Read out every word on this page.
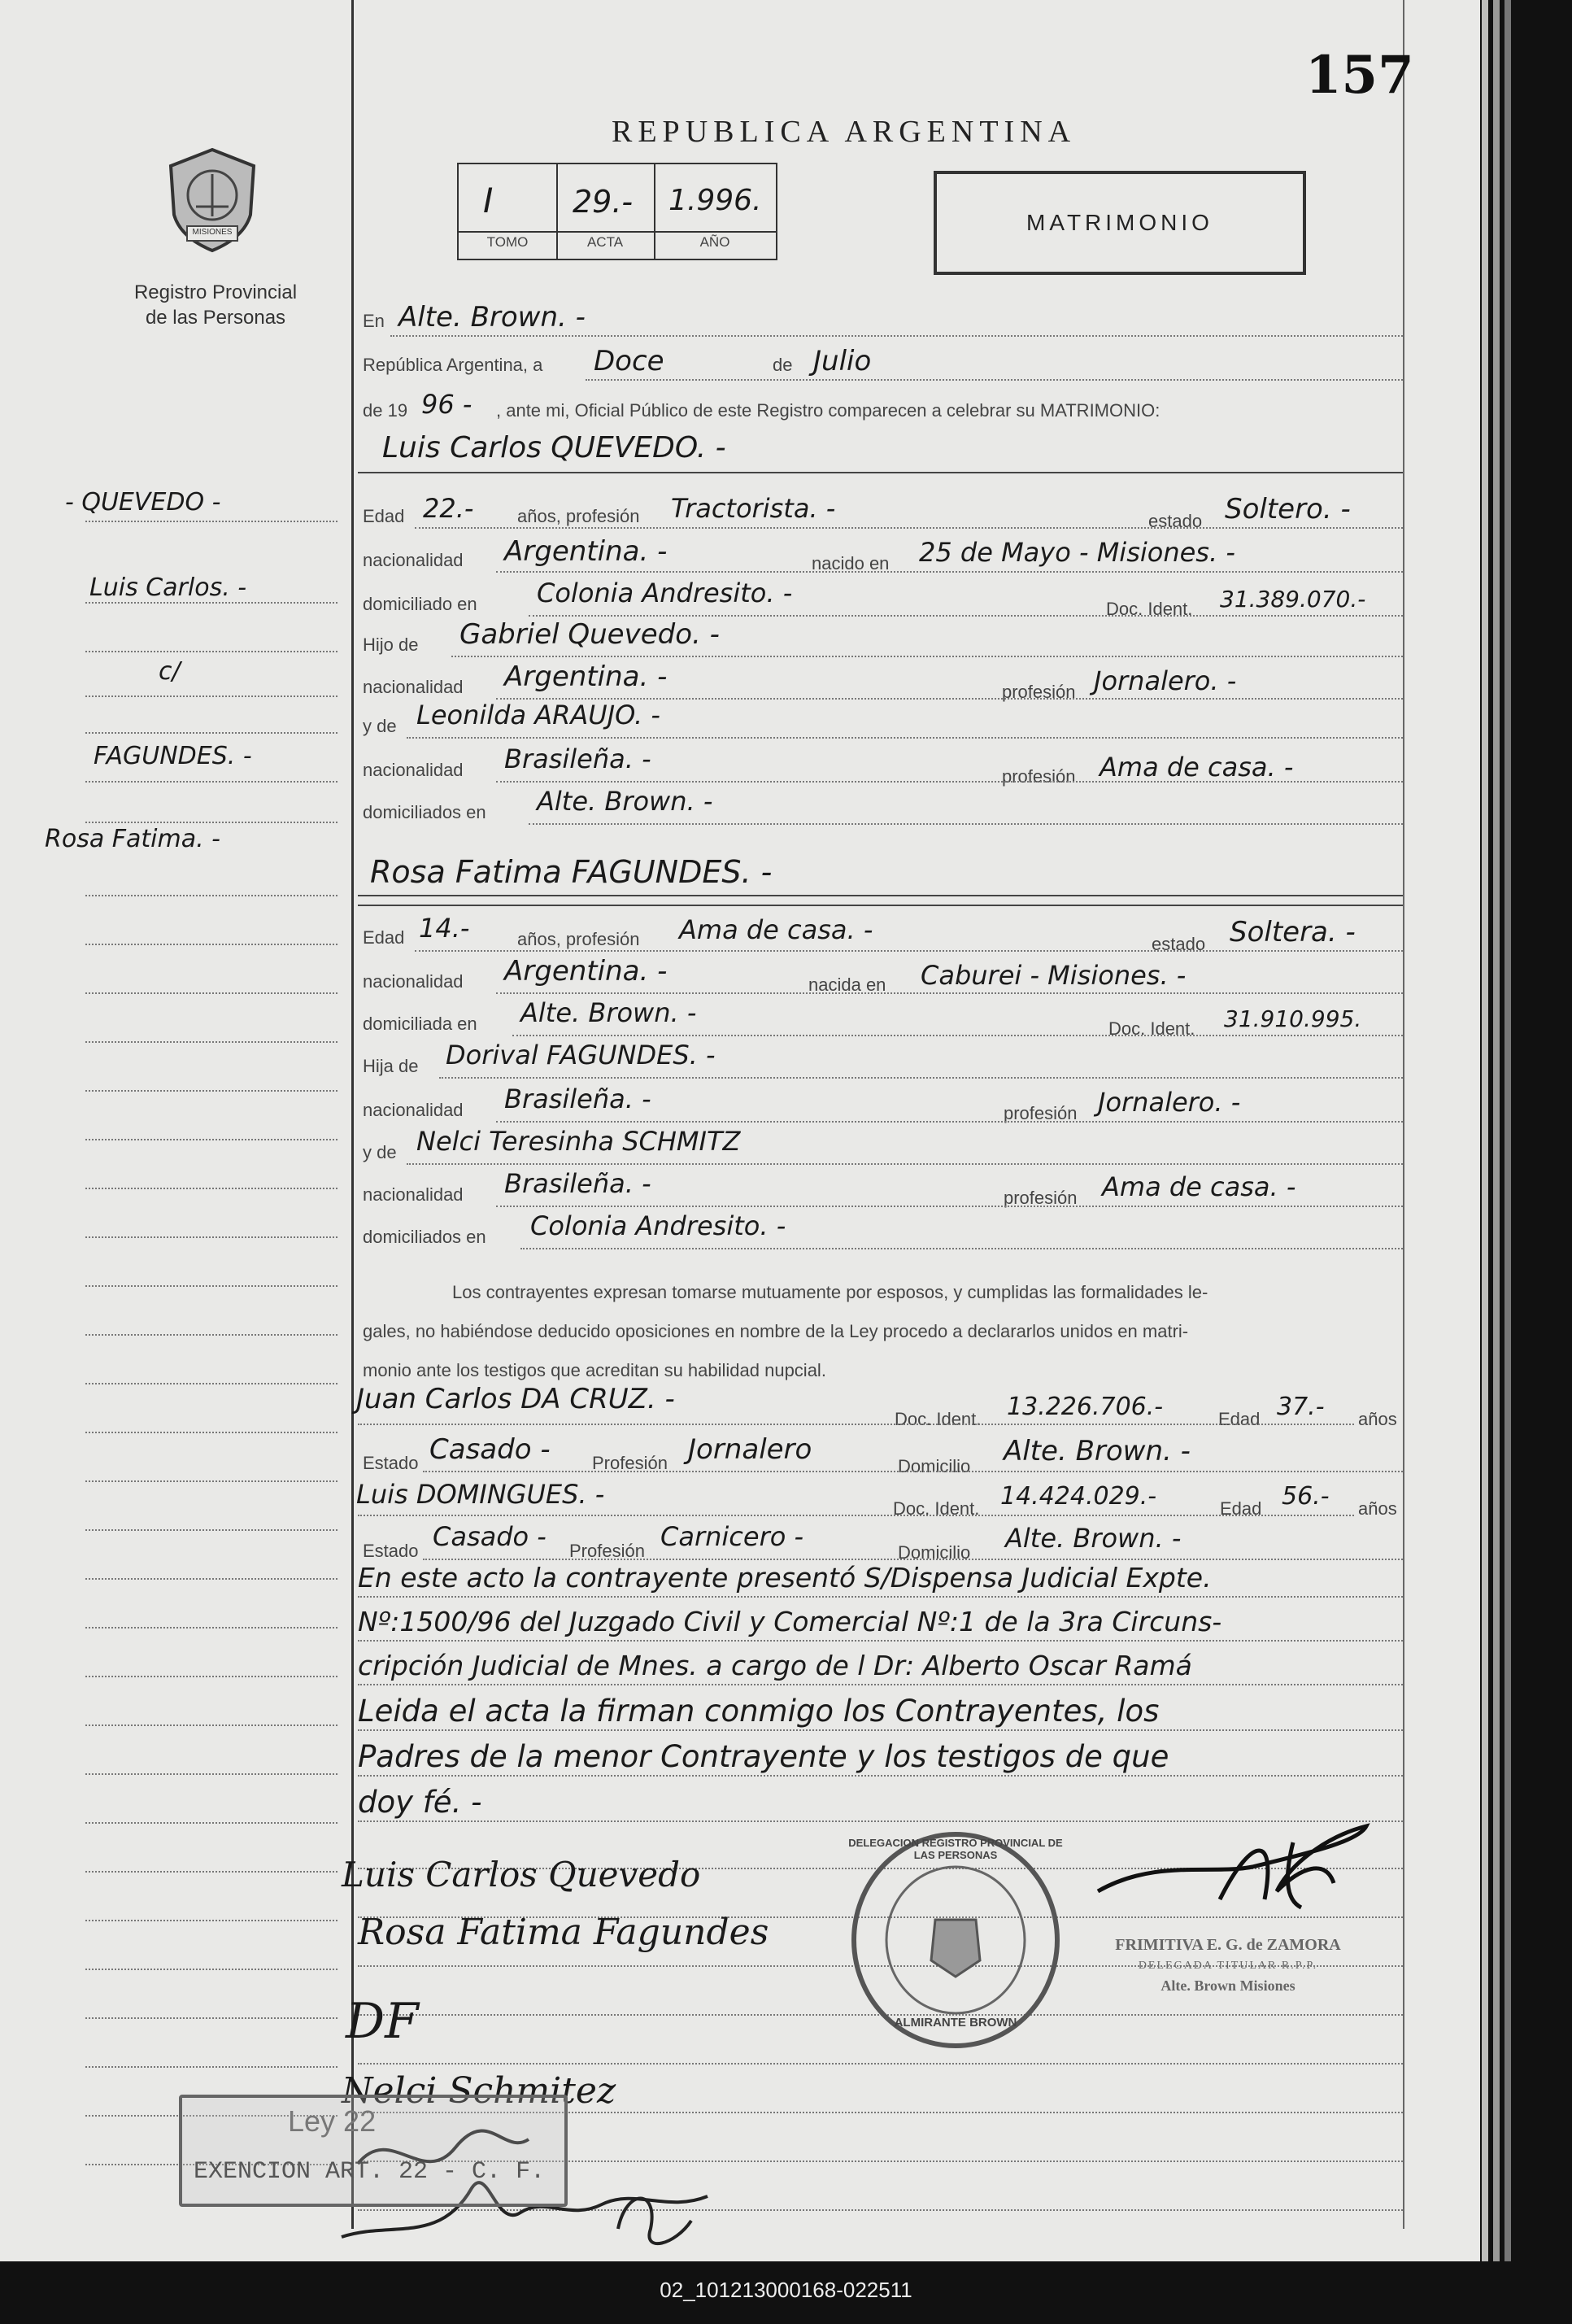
157
REPUBLICA ARGENTINA
MISIONES
Registro Provincial
de las Personas
I	29.- 1.996.
TOMO	ACTA	AÑO
MATRIMONIO
- QUEVEDO -
Luis Carlos. -
c/
FAGUNDES. -
Rosa Fatima. -
En Alte. Brown. -
República Argentina, a Doce	de Julio
de 19 96 - , ante mi, Oficial Público de este Registro comparecen a celebrar su MATRIMONIO:
Luis Carlos QUEVEDO. -
Edad 22.- años, profesión Tractorista. -	estado Soltero. -
nacionalidad Argentina. -	nacido en 25 de Mayo - Misiones. -
domiciliado en Colonia Andresito. -
Doc. Ident. 31.389.070.-
Hijo de Gabriel Quevedo. -
nacionalidad Argentina. -	profesión Jornalero. -
y de Leonilda ARAUJO. -
nacionalidad Brasileña. -
profesión Ama de casa. -
domiciliados en Alte. Brown. -
Rosa Fatima FAGUNDES. -
Edad 14.-	años, profesión Ama de casa. -	estado Soltera. -
nacionalidad Argentina. -	nacida en Caburei - Misiones. -
domiciliada en Alte. Brown. -
Doc. Ident. 31.910.995.
Hija de Dorival FAGUNDES. -
nacionalidad Brasileña. -	profesión Jornalero. -
y de Nelci Teresinha SCHMITZ
nacionalidad Brasileña. -	profesión Ama de casa. -
domiciliados en Colonia Andresito. -
Los contrayentes expresan tomarse mutuamente por esposos, y cumplidas las formalidades le-
gales, no habiéndose deducido oposiciones en nombre de la Ley procedo a declararlos unidos en matri-
monio ante los testigos que acreditan su habilidad nupcial.
Juan Carlos DA CRUZ. -
Doc. Ident. 13.226.706.-	Edad 37.- años
Estado Casado - Profesión Jornalero
Domicilio Alte. Brown. -
Luis DOMINGUES. -	Doc. Ident. 14.424.029.-	Edad 56.- años
Estado Casado - Profesión Carnicero -
Domicilio Alte. Brown. -
En este acto la contrayente presentó S/Dispensa Judicial Expte.
Nº:1500/96 del Juzgado Civil y Comercial Nº:1 de la 3ra Circuns-
cripción Judicial de Mnes. a cargo de l Dr: Alberto Oscar Ramá
Leida el acta la firman conmigo los Contrayentes, los
Padres de la menor Contrayente y los testigos de que
doy fé. -
Luis Carlos Quevedo
Rosa Fatima Fagundes
DF
Nelci Schmitez
DELEGACION REGISTRO PROVINCIAL DE LAS PERSONAS
ALMIRANTE BROWN
FRIMITIVA E. G. de ZAMORA
DELEGADA TITULAR R.P.P.
Alte. Brown Misiones
Ley 22
EXENCION ART. 22 - C. F.
02_101213000168-022511
